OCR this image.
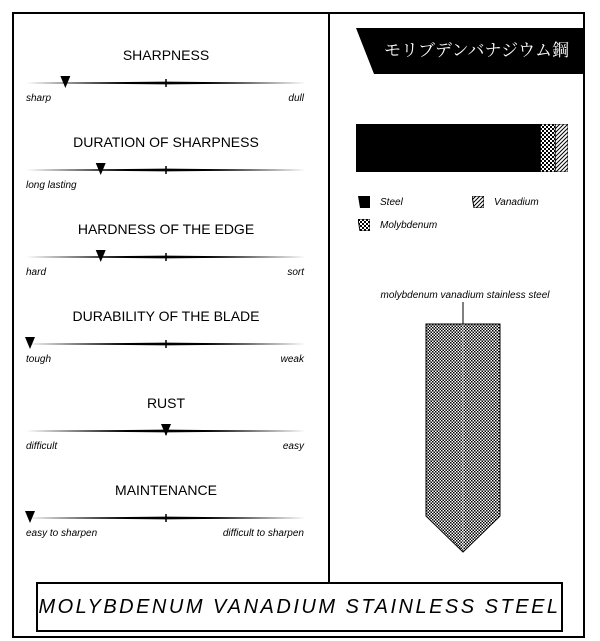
SHARPNESS
sharp	dull
DURATION OF SHARPNESS
long lasting
HARDNESS OF THE EDGE
hard	sort
DURABILITY OF THE BLADE
tough	weak
RUST
difficult	easy
MAINTENANCE
easy to sharpen	difficult to sharpen
モリブデンバナジウム鋼
Steel	Vanadium
Molybdenum
molybdenum vanadium stainless steel
MOLYBDENUM VANADIUM STAINLESS STEEL
